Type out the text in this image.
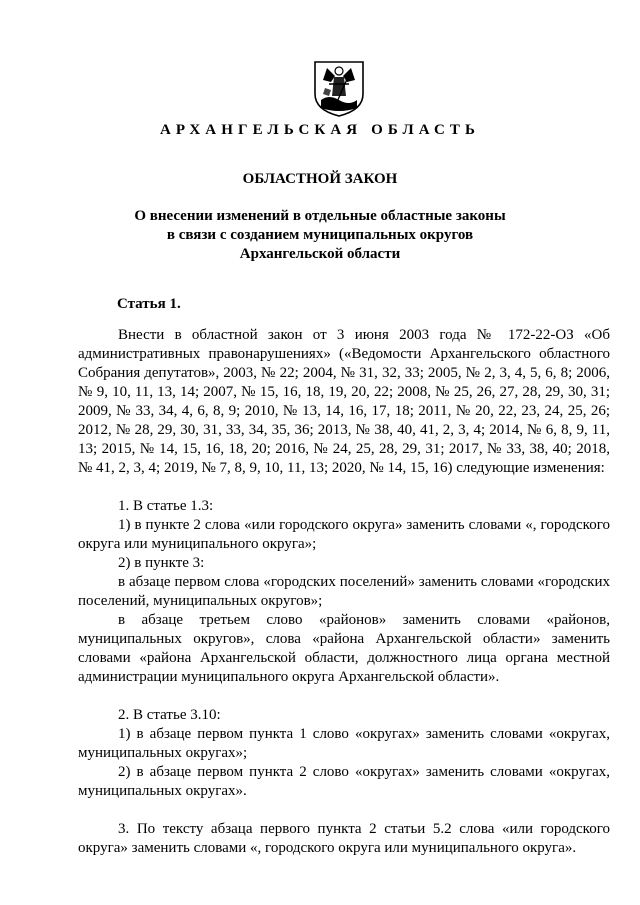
АРХАНГЕЛЬСКАЯ ОБЛАСТЬ
ОБЛАСТНОЙ ЗАКОН
О внесении изменений в отдельные областные законы
в связи с созданием муниципальных округов
Архангельской области
Статья 1.

Внести в областной закон от 3 июня 2003 года № 172-22-ОЗ «Об административных правонарушениях» («Ведомости Архангельского областного Собрания депутатов», 2003, № 22; 2004, № 31, 32, 33; 2005, № 2, 3, 4, 5, 6, 8; 2006, № 9, 10, 11, 13, 14; 2007, № 15, 16, 18, 19, 20, 22; 2008, № 25, 26, 27, 28, 29, 30, 31; 2009, № 33, 34, 4, 6, 8, 9; 2010, № 13, 14, 16, 17, 18; 2011, № 20, 22, 23, 24, 25, 26; 2012, № 28, 29, 30, 31, 33, 34, 35, 36; 2013, № 38, 40, 41, 2, 3, 4; 2014, № 6, 8, 9, 11, 13; 2015, № 14, 15, 16, 18, 20; 2016, № 24, 25, 28, 29, 31; 2017, № 33, 38, 40; 2018, № 41, 2, 3, 4; 2019, № 7, 8, 9, 10, 11, 13; 2020, № 14, 15, 16) следующие изменения:

1. В статье 1.3:

1) в пункте 2 слова «или городского округа» заменить словами «, городского округа или муниципального округа»;

2) в пункте 3:

в абзаце первом слова «городских поселений» заменить словами «городских поселений, муниципальных округов»;

в абзаце третьем слово «районов» заменить словами «районов, муниципальных округов», слова «района Архангельской области» заменить словами «района Архангельской области, должностного лица органа местной администрации муниципального округа Архангельской области».

2. В статье 3.10:

1) в абзаце первом пункта 1 слово «округах» заменить словами «округах, муниципальных округах»;

2) в абзаце первом пункта 2 слово «округах» заменить словами «округах, муниципальных округах».

3. По тексту абзаца первого пункта 2 статьи 5.2 слова «или городского округа» заменить словами «, городского округа или муниципального округа».
